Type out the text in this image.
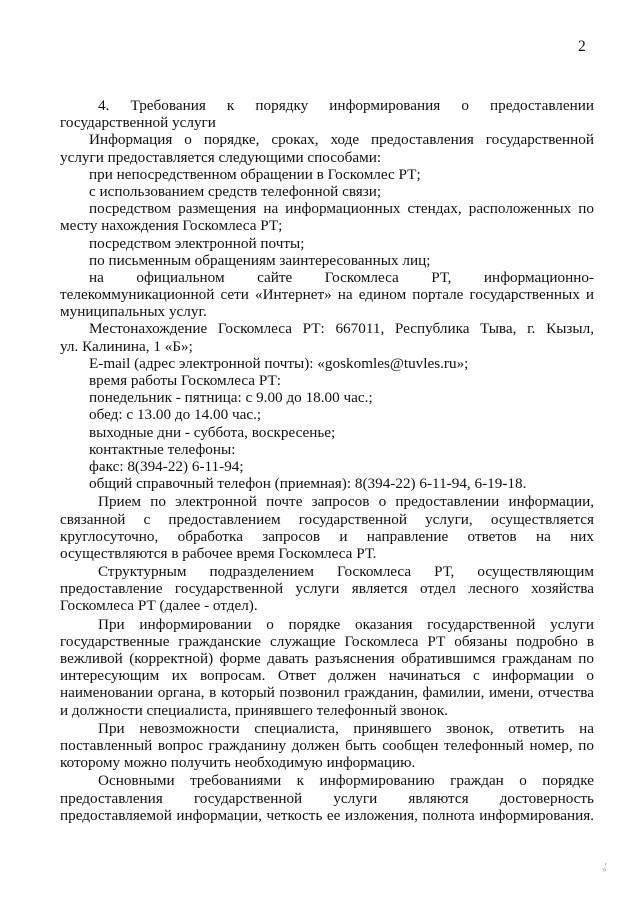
2

4. Требования к порядку информирования о предоставлении
государственной услуги
Информация о порядке, сроках, ходе предоставления государственной
услуги предоставляется следующими способами:
при непосредственном обращении в Госкомлес РТ;
с использованием средств телефонной связи;
посредством размещения на информационных стендах, расположенных по
месту нахождения Госкомлеса РТ;
посредством электронной почты;
по письменным обращениям заинтересованных лиц;
на официальном сайте Госкомлеса РТ, информационно-
телекоммуникационной сети «Интернет» на едином портале государственных и
муниципальных услуг.
Местонахождение Госкомлеса РТ: 667011, Республика Тыва, г. Кызыл,
ул. Калинина, 1 «Б»;
E-mail (адрес электронной почты): «goskomles@tuvles.ru»;
время работы Госкомлеса РТ:
понедельник - пятница: с 9.00 до 18.00 час.;
обед: с 13.00 до 14.00 час.;
выходные дни - суббота, воскресенье;
контактные телефоны:
факс: 8(394-22) 6-11-94;
общий справочный телефон (приемная): 8(394-22) 6-11-94, 6-19-18.
Прием по электронной почте запросов о предоставлении информации,
связанной с предоставлением государственной услуги, осуществляется
круглосуточно, обработка запросов и направление ответов на них
осуществляются в рабочее время Госкомлеса РТ.
Структурным подразделением Госкомлеса РТ, осуществляющим
предоставление государственной услуги является отдел лесного хозяйства
Госкомлеса РТ (далее - отдел).
При информировании о порядке оказания государственной услуги
государственные гражданские служащие Госкомлеса РТ обязаны подробно в
вежливой (корректной) форме давать разъяснения обратившимся гражданам по
интересующим их вопросам. Ответ должен начинаться с информации о
наименовании органа, в который позвонил гражданин, фамилии, имени, отчества
и должности специалиста, принявшего телефонный звонок.
При невозможности специалиста, принявшего звонок, ответить на
поставленный вопрос гражданину должен быть сообщен телефонный номер, по
которому можно получить необходимую информацию.
Основными требованиями к информированию граждан о порядке
предоставления государственной услуги являются достоверность
предоставляемой информации, четкость ее изложения, полнота информирования.

ᵢᵢ´
